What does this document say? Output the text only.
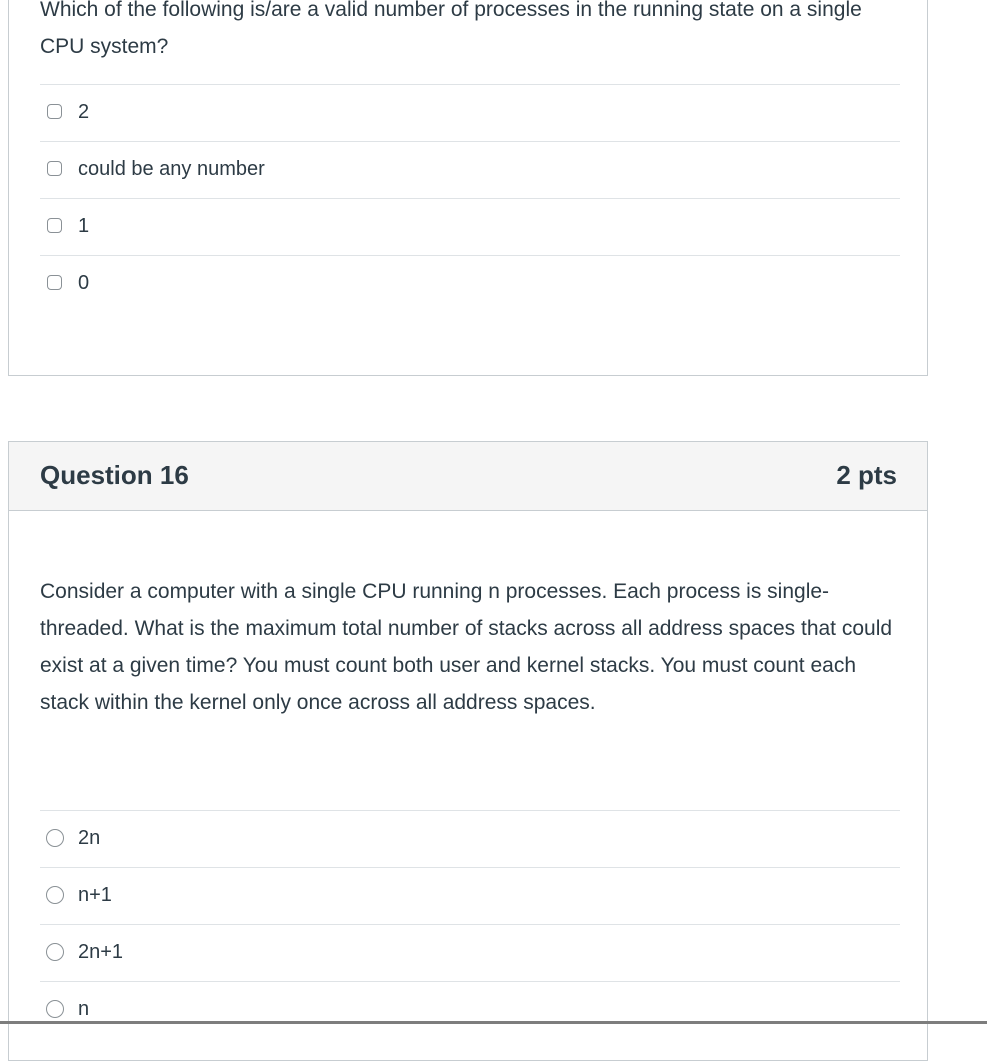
Which of the following is/are a valid number of processes in the running state on a single CPU system?
2
could be any number
1
0
Question 16	2 pts
Consider a computer with a single CPU running n processes. Each process is single-threaded. What is the maximum total number of stacks across all address spaces that could exist at a given time? You must count both user and kernel stacks. You must count each stack within the kernel only once across all address spaces.
2n
n+1
2n+1
n
